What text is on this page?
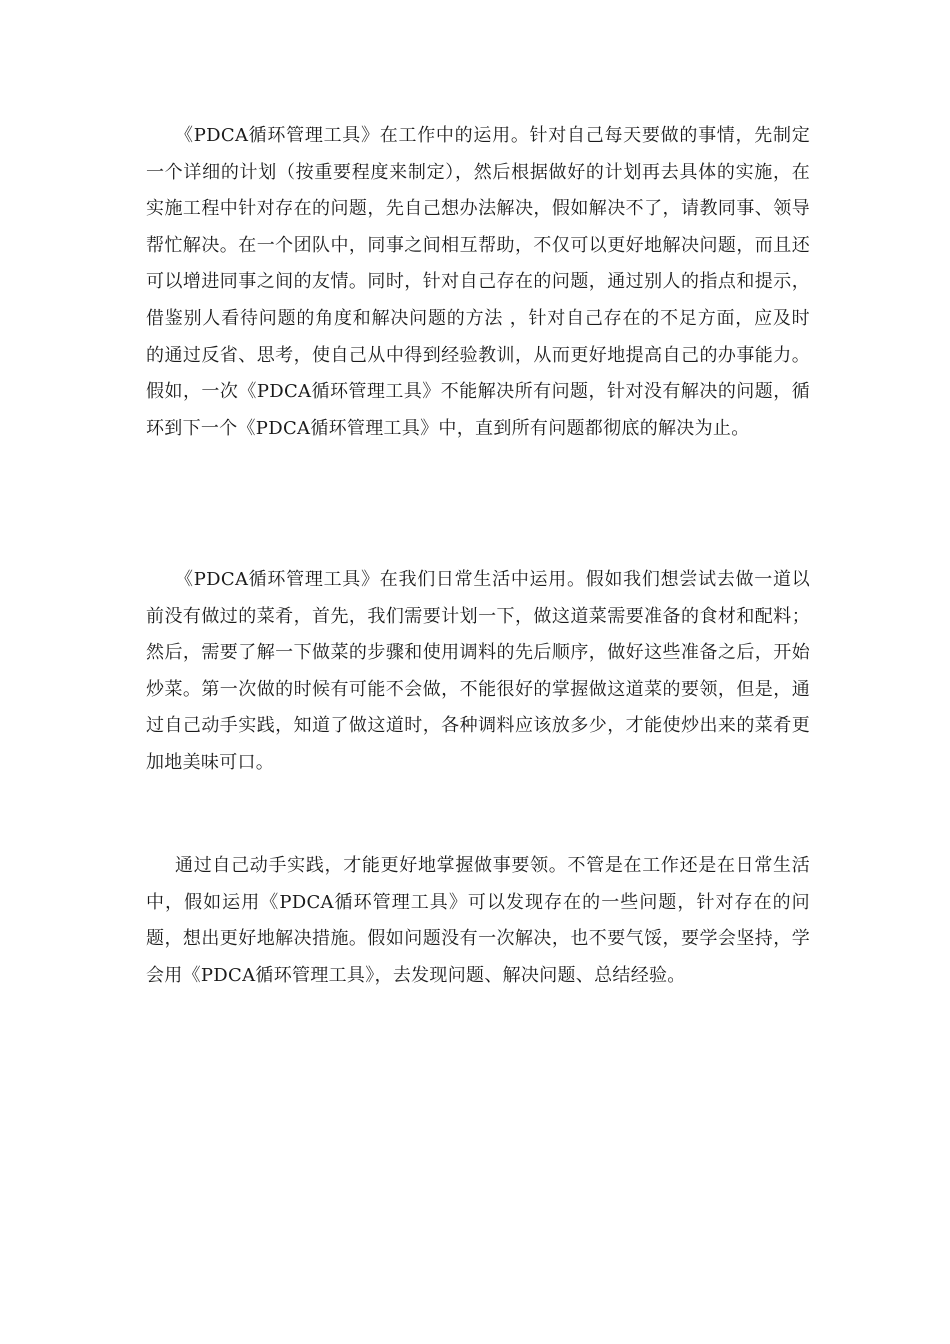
《PDCA循环管理工具》在工作中的运用。针对自己每天要做的事情，先制定一个详细的计划（按重要程度来制定），然后根据做好的计划再去具体的实施，在实施工程中针对存在的问题，先自己想办法解决，假如解决不了，请教同事、领导帮忙解决。在一个团队中，同事之间相互帮助，不仅可以更好地解决问题，而且还可以增进同事之间的友情。同时，针对自己存在的问题，通过别人的指点和提示，借鉴别人看待问题的角度和解决问题的方法 ，针对自己存在的不足方面，应及时的通过反省、思考，使自己从中得到经验教训，从而更好地提高自己的办事能力。假如，一次《PDCA循环管理工具》不能解决所有问题，针对没有解决的问题，循环到下一个《PDCA循环管理工具》中，直到所有问题都彻底的解决为止。

《PDCA循环管理工具》在我们日常生活中运用。假如我们想尝试去做一道以前没有做过的菜肴，首先，我们需要计划一下，做这道菜需要准备的食材和配料；然后，需要了解一下做菜的步骤和使用调料的先后顺序，做好这些准备之后，开始炒菜。第一次做的时候有可能不会做，不能很好的掌握做这道菜的要领，但是，通过自己动手实践，知道了做这道时，各种调料应该放多少，才能使炒出来的菜肴更加地美味可口。

通过自己动手实践，才能更好地掌握做事要领。不管是在工作还是在日常生活中，假如运用《PDCA循环管理工具》可以发现存在的一些问题，针对存在的问题，想出更好地解决措施。假如问题没有一次解决，也不要气馁，要学会坚持，学会用《PDCA循环管理工具》，去发现问题、解决问题、总结经验。
